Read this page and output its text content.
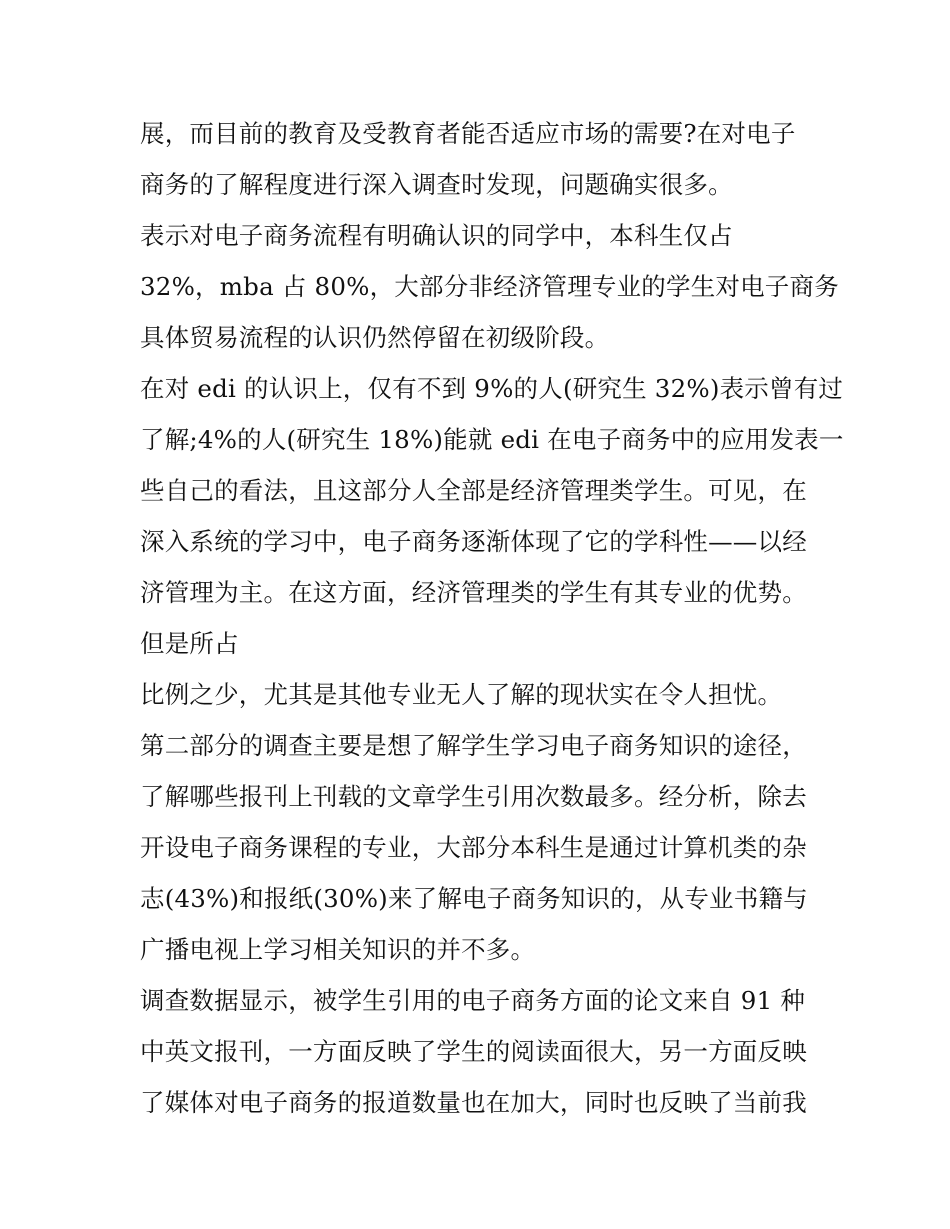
展，而目前的教育及受教育者能否适应市场的需要?在对电子
商务的了解程度进行深入调查时发现，问题确实很多。
表示对电子商务流程有明确认识的同学中，本科生仅占
32%，mba 占 80%，大部分非经济管理专业的学生对电子商务
具体贸易流程的认识仍然停留在初级阶段。
在对 edi 的认识上，仅有不到 9%的人(研究生 32%)表示曾有过
了解;4%的人(研究生 18%)能就 edi 在电子商务中的应用发表一
些自己的看法，且这部分人全部是经济管理类学生。可见，在
深入系统的学习中，电子商务逐渐体现了它的学科性——以经
济管理为主。在这方面，经济管理类的学生有其专业的优势。
但是所占
比例之少，尤其是其他专业无人了解的现状实在令人担忧。
第二部分的调查主要是想了解学生学习电子商务知识的途径，
了解哪些报刊上刊载的文章学生引用次数最多。经分析，除去
开设电子商务课程的专业，大部分本科生是通过计算机类的杂
志(43%)和报纸(30%)来了解电子商务知识的，从专业书籍与
广播电视上学习相关知识的并不多。
调查数据显示，被学生引用的电子商务方面的论文来自 91 种
中英文报刊，一方面反映了学生的阅读面很大，另一方面反映
了媒体对电子商务的报道数量也在加大，同时也反映了当前我
